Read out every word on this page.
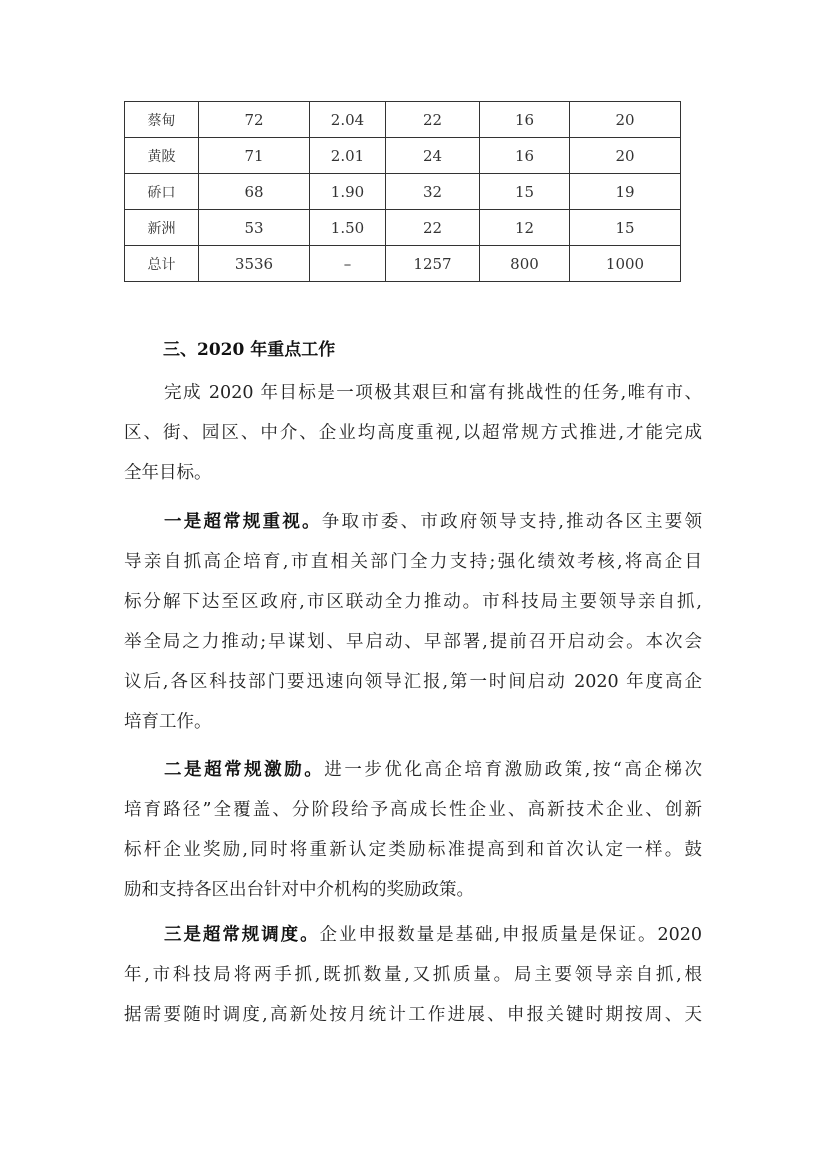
蔡甸	72	2.04	22	16	20
黄陂	71	2.01	24	16	20
硚口	68	1.90	32	15	19
新洲	53	1.50	22	12	15
总计	3536	–	1257	800	1000
三、2020 年重点工作
完成 2020 年目标是一项极其艰巨和富有挑战性的任务,唯有市、
区、街、园区、中介、企业均高度重视,以超常规方式推进,才能完成
全年目标。
一是超常规重视。争取市委、市政府领导支持,推动各区主要领
导亲自抓高企培育,市直相关部门全力支持;强化绩效考核,将高企目
标分解下达至区政府,市区联动全力推动。市科技局主要领导亲自抓,
举全局之力推动;早谋划、早启动、早部署,提前召开启动会。本次会
议后,各区科技部门要迅速向领导汇报,第一时间启动 2020 年度高企
培育工作。
二是超常规激励。进一步优化高企培育激励政策,按“高企梯次
培育路径”全覆盖、分阶段给予高成长性企业、高新技术企业、创新
标杆企业奖励,同时将重新认定类励标准提高到和首次认定一样。鼓
励和支持各区出台针对中介机构的奖励政策。
三是超常规调度。企业申报数量是基础,申报质量是保证。2020
年,市科技局将两手抓,既抓数量,又抓质量。局主要领导亲自抓,根
据需要随时调度,高新处按月统计工作进展、申报关键时期按周、天
